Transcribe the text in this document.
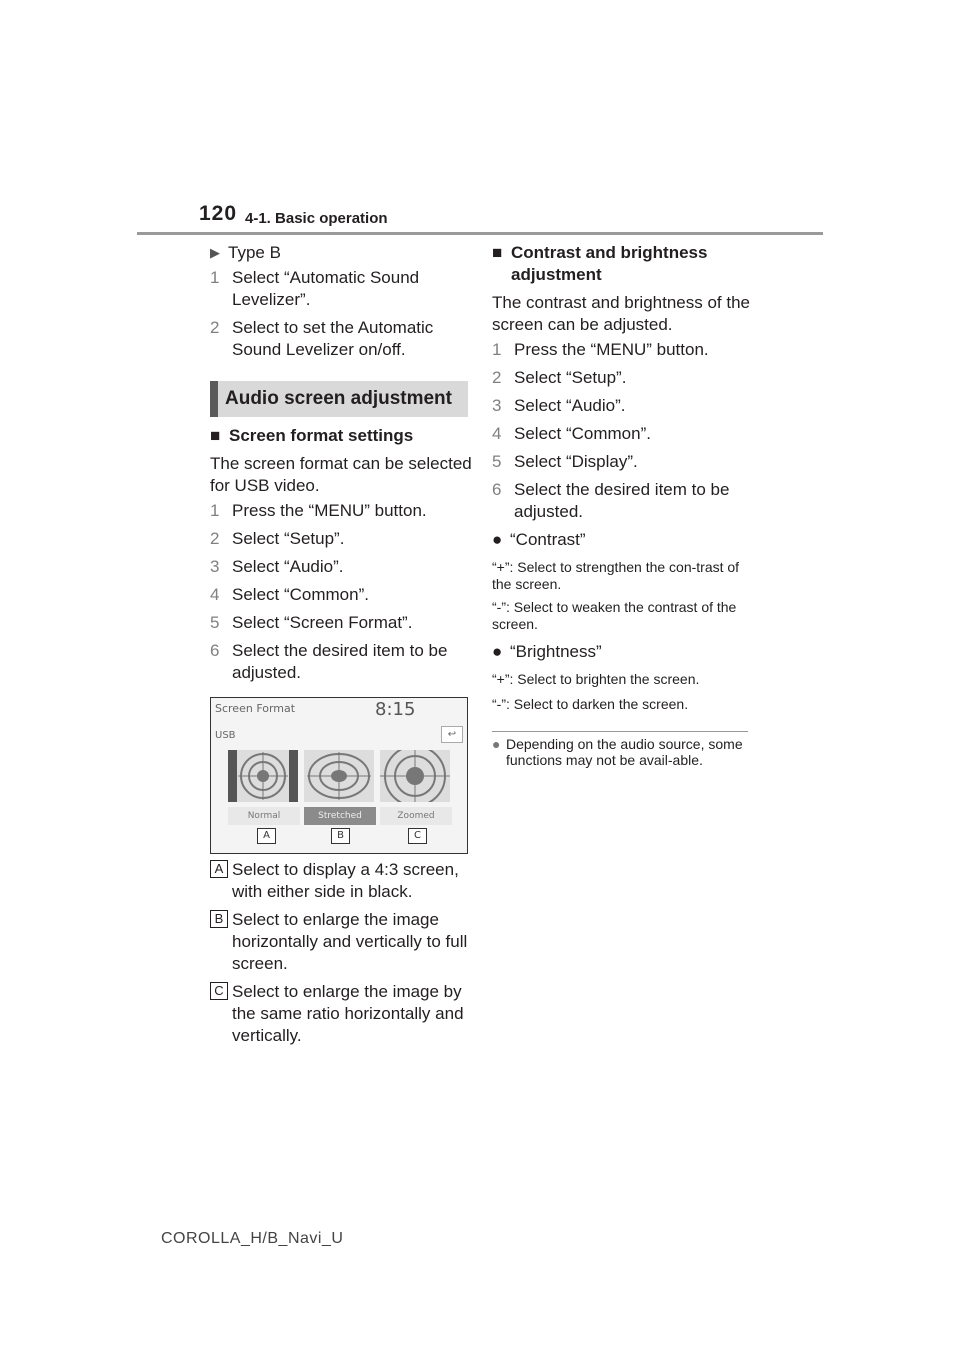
120 4-1. Basic operation
▶ Type B
1 Select “Automatic Sound Levelizer”.
2 Select to set the Automatic Sound Levelizer on/off.
Audio screen adjustment
■ Screen format settings
The screen format can be selected for USB video.
1 Press the “MENU” button.
2 Select “Setup”.
3 Select “Audio”.
4 Select “Common”.
5 Select “Screen Format”.
6 Select the desired item to be adjusted.
Screen Format	8:15
USB	↩
Normal	Stretched	Zoomed
A	B	C
A Select to display a 4:3 screen, with either side in black.
B Select to enlarge the image horizontally and vertically to full screen.
C Select to enlarge the image by the same ratio horizontally and vertically.
■ Contrast and brightness adjustment
The contrast and brightness of the screen can be adjusted.
1 Press the “MENU” button.
2 Select “Setup”.
3 Select “Audio”.
4 Select “Common”.
5 Select “Display”.
6 Select the desired item to be adjusted.
● “Contrast”
“+”: Select to strengthen the con-trast of the screen.
“-”: Select to weaken the contrast of the screen.
● “Brightness”
“+”: Select to brighten the screen.
“-”: Select to darken the screen.
● Depending on the audio source, some functions may not be avail-able.
COROLLA_H/B_Navi_U
